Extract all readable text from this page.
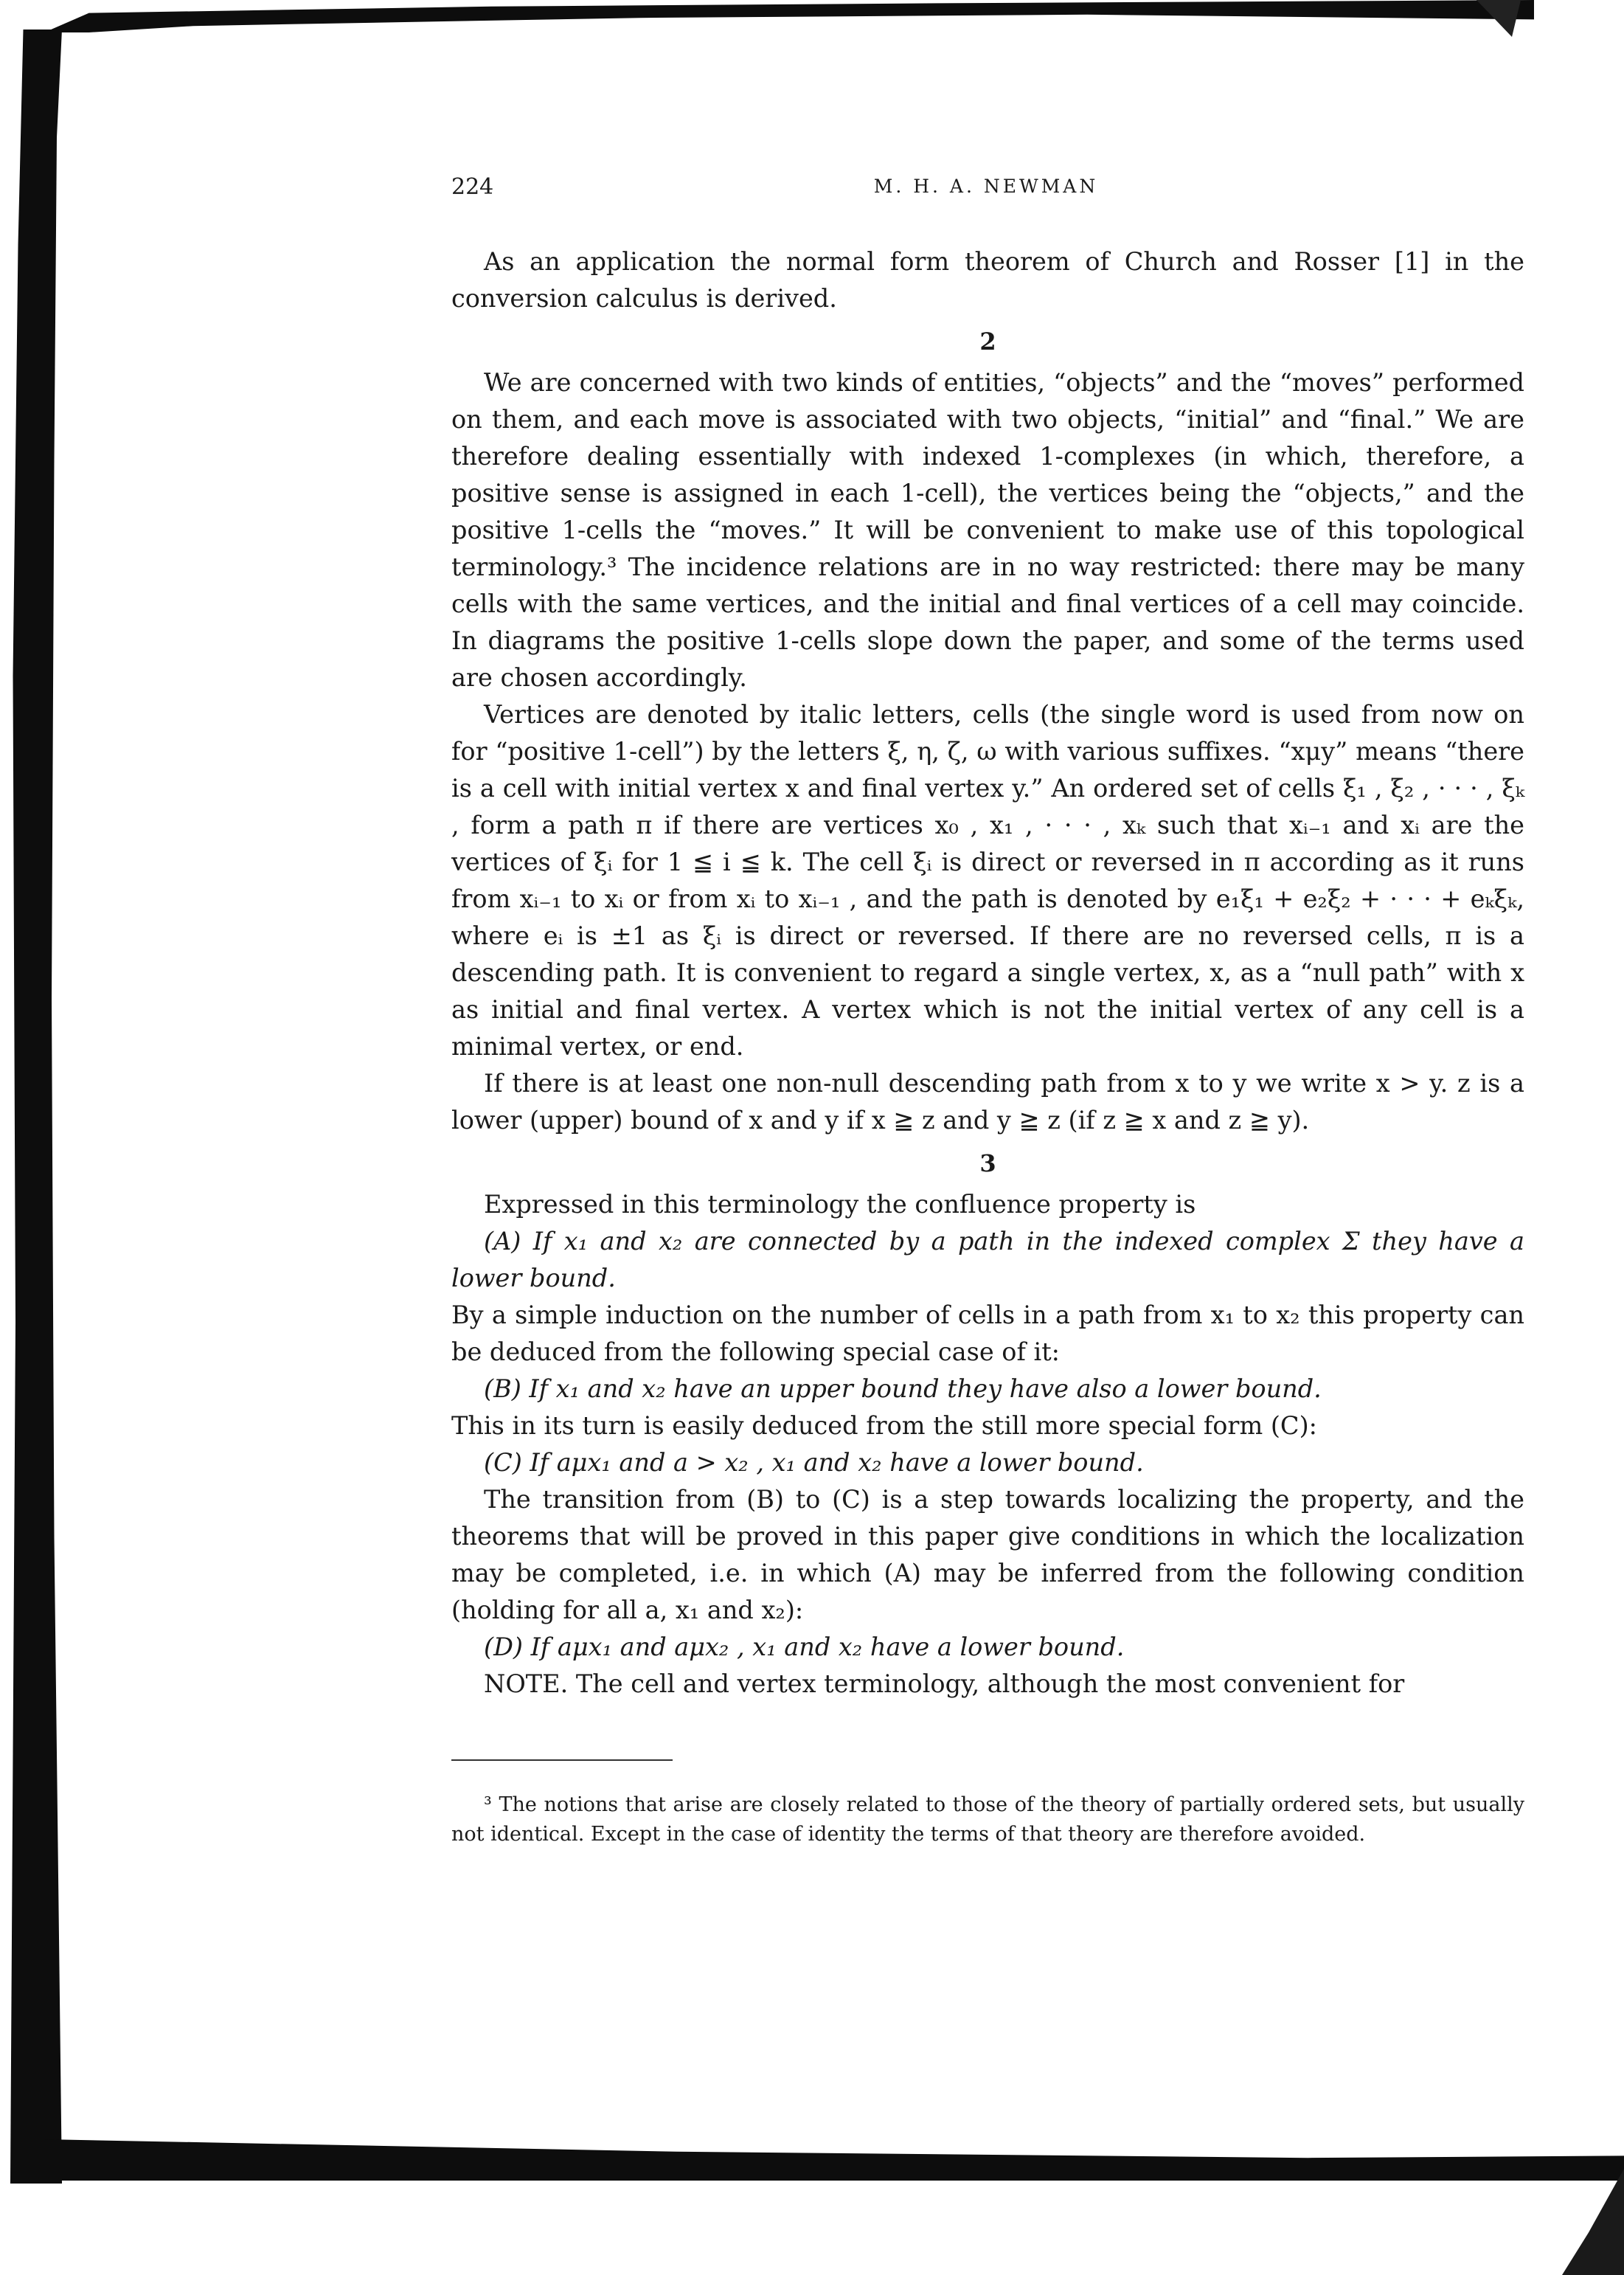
224	M. H. A. NEWMAN

As an application the normal form theorem of Church and Rosser [1] in the conversion calculus is derived.

2

We are concerned with two kinds of entities, “objects” and the “moves” performed on them, and each move is associated with two objects, “initial” and “final.” We are therefore dealing essentially with indexed 1-complexes (in which, therefore, a positive sense is assigned in each 1-cell), the vertices being the “objects,” and the positive 1-cells the “moves.” It will be convenient to make use of this topological terminology.³ The incidence relations are in no way restricted: there may be many cells with the same vertices, and the initial and final vertices of a cell may coincide. In diagrams the positive 1-cells slope down the paper, and some of the terms used are chosen accordingly.

Vertices are denoted by italic letters, cells (the single word is used from now on for “positive 1-cell”) by the letters ξ, η, ζ, ω with various suffixes. “xμy” means “there is a cell with initial vertex x and final vertex y.” An ordered set of cells ξ₁ , ξ₂ , · · · , ξₖ , form a path π if there are vertices x₀ , x₁ , · · · , xₖ such that xᵢ₋₁ and xᵢ are the vertices of ξᵢ for 1 ≦ i ≦ k. The cell ξᵢ is direct or reversed in π according as it runs from xᵢ₋₁ to xᵢ or from xᵢ to xᵢ₋₁ , and the path is denoted by e₁ξ₁ + e₂ξ₂ + · · · + eₖξₖ, where eᵢ is ±1 as ξᵢ is direct or reversed. If there are no reversed cells, π is a descending path. It is convenient to regard a single vertex, x, as a “null path” with x as initial and final vertex. A vertex which is not the initial vertex of any cell is a minimal vertex, or end.

If there is at least one non-null descending path from x to y we write x > y. z is a lower (upper) bound of x and y if x ≧ z and y ≧ z (if z ≧ x and z ≧ y).

3

Expressed in this terminology the confluence property is

(A) If x₁ and x₂ are connected by a path in the indexed complex Σ they have a lower bound.

By a simple induction on the number of cells in a path from x₁ to x₂ this property can be deduced from the following special case of it:

(B) If x₁ and x₂ have an upper bound they have also a lower bound.

This in its turn is easily deduced from the still more special form (C):

(C) If aμx₁ and a > x₂ , x₁ and x₂ have a lower bound.

The transition from (B) to (C) is a step towards localizing the property, and the theorems that will be proved in this paper give conditions in which the localization may be completed, i.e. in which (A) may be inferred from the following condition (holding for all a, x₁ and x₂):

(D) If aμx₁ and aμx₂ , x₁ and x₂ have a lower bound.

NOTE. The cell and vertex terminology, although the most convenient for

³ The notions that arise are closely related to those of the theory of partially ordered sets, but usually not identical. Except in the case of identity the terms of that theory are therefore avoided.
